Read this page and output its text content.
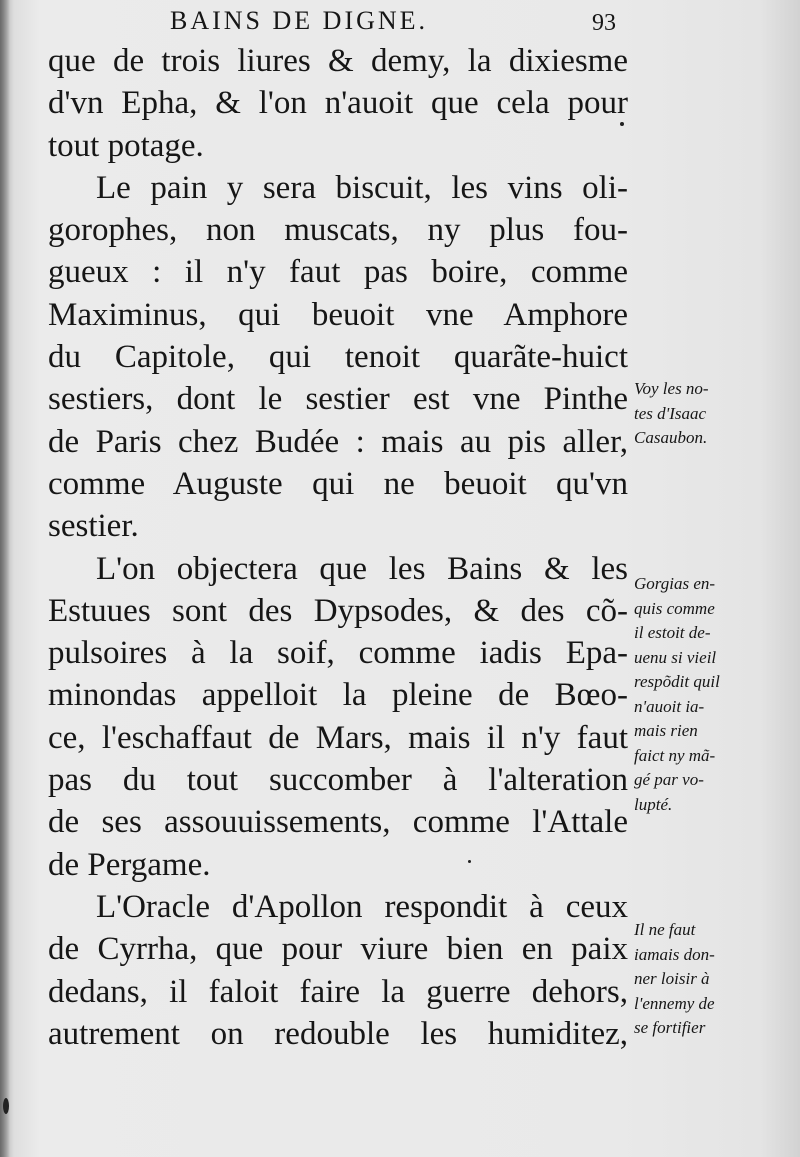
BAINS DE DIGNE.	93
que de trois liures & demy, la dixiesme
d'vn Epha, & l'on n'auoit que cela pour
tout potage.
Le pain y sera biscuit, les vins oli-
gorophes, non muscats, ny plus fou-
gueux : il n'y faut pas boire, comme
Maximinus, qui beuoit vne Amphore
du Capitole, qui tenoit quarãte-huict
sestiers, dont le sestier est vne Pinthe
de Paris chez Budée : mais au pis aller,
comme Auguste qui ne beuoit qu'vn
sestier.
L'on objectera que les Bains & les
Estuues sont des Dypsodes, & des cõ-
pulsoires à la soif, comme iadis Epa-
minondas appelloit la pleine de Bœo-
ce, l'eschaffaut de Mars, mais il n'y faut
pas du tout succomber à l'alteration
de ses assouuissements, comme l'Attale
de Pergame.
L'Oracle d'Apollon respondit à ceux
de Cyrrha, que pour viure bien en paix
dedans, il faloit faire la guerre dehors,
autrement on redouble les humiditez,
Voy les no-
tes d'Isaac
Casaubon.
Gorgias en-
quis comme
il estoit de-
uenu si vieil
respõdit quil
n'auoit ia-
mais rien
faict ny mã-
gé par vo-
lupté.
Il ne faut
iamais don-
ner loisir à
l'ennemy de
se fortifier
